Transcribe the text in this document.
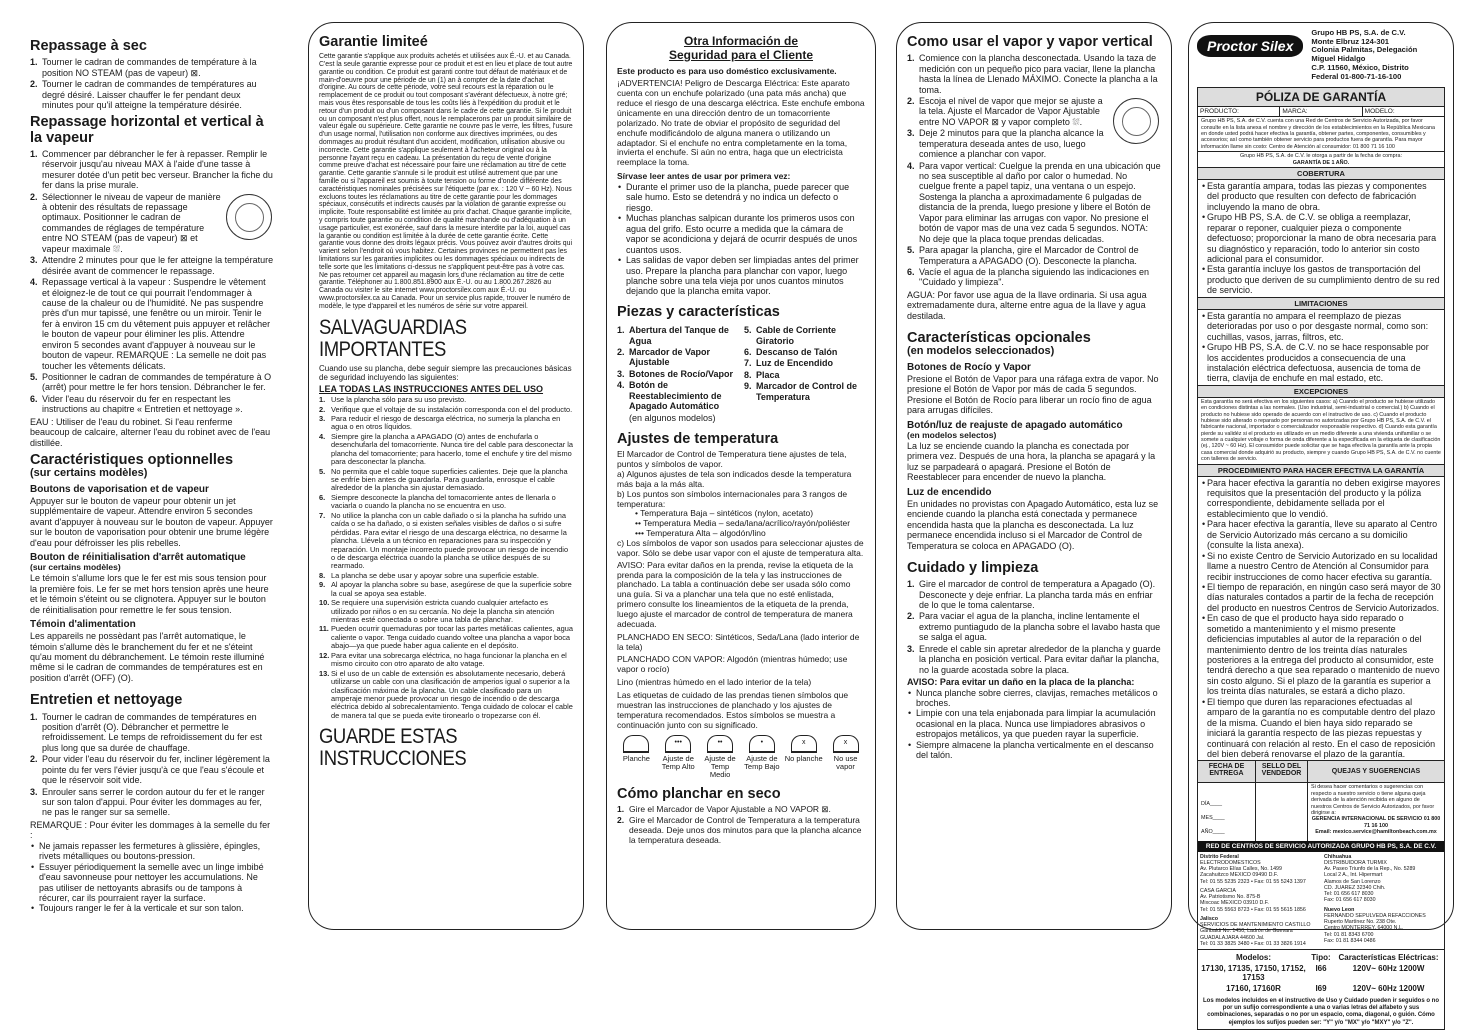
Repassage à sec
1. Tourner le cadran de commandes de température à la position NO STEAM (pas de vapeur) ⊠.
2. Tourner le cadran de commandes de températures au degré désiré. Laisser chauffer le fer pendant deux minutes pour qu'il atteigne la température désirée.
Repassage horizontal et vertical à la vapeur
1. Commencer par débrancher le fer à repasser. Remplir le réservoir jusqu'au niveau MAX à l'aide d'une tasse à mesurer dotée d'un petit bec verseur. Brancher la fiche du fer dans la prise murale.
2. Sélectionner le niveau de vapeur de manière à obtenir des résultats de repassage optimaux. Positionner le cadran de commandes de réglages de température entre NO STEAM (pas de vapeur) ⊠ et vapeur maximale ⛆.
3. Attendre 2 minutes pour que le fer atteigne la température désirée avant de commencer le repassage.
4. Repassage vertical à la vapeur : Suspendre le vêtement et éloignez-le de tout ce qui pourrait l'endommager à cause de la chaleur ou de l'humidité. Ne pas suspendre près d'un mur tapissé, une fenêtre ou un miroir. Tenir le fer à environ 15 cm du vêtement puis appuyer et relâcher le bouton de vapeur pour éliminer les plis. Attendre environ 5 secondes avant d'appuyer à nouveau sur le bouton de vapeur. REMARQUE : La semelle ne doit pas toucher les vêtements délicats.
5. Positionner le cadran de commandes de température à O (arrêt) pour mettre le fer hors tension. Débrancher le fer.
6. Vider l'eau du réservoir du fer en respectant les instructions au chapitre « Entretien et nettoyage ».

EAU : Utiliser de l'eau du robinet. Si l'eau renferme beaucoup de calcaire, alterner l'eau du robinet avec de l'eau distillée.

Caractéristiques optionnelles
(sur certains modèles)
Boutons de vaporisation et de vapeur

Appuyer sur le bouton de vapeur pour obtenir un jet supplémentaire de vapeur. Attendre environ 5 secondes avant d'appuyer à nouveau sur le bouton de vapeur. Appuyer sur le bouton de vaporisation pour obtenir une brume légère d'eau pour défroisser les plis rebelles.

Bouton de réinitialisation d'arrêt automatique
(sur certains modèles)

Le témoin s'allume lors que le fer est mis sous tension pour la première fois. Le fer se met hors tension après une heure et le témoin s'éteint ou se clignotera. Appuyer sur le bouton de réinitialisation pour remettre le fer sous tension.

Témoin d'alimentation

Les appareils ne possèdant pas l'arrêt automatique, le témoin s'allume dès le branchement du fer et ne s'éteint qu'au moment du débranchement. Le témoin reste illuminé même si le cadran de commandes de températures est en position d'arrêt (OFF) (O).

Entretien et nettoyage
1. Tourner le cadran de commandes de températures en position d'arrêt (O). Débrancher et permettre le refroidissement. Le temps de refroidissement du fer est plus long que sa durée de chauffage.
2. Pour vider l'eau du réservoir du fer, incliner légèrement la pointe du fer vers l'évier jusqu'à ce que l'eau s'écoule et que le réservoir soit vide.
3. Enrouler sans serrer le cordon autour du fer et le ranger sur son talon d'appui. Pour éviter les dommages au fer, ne pas le ranger sur sa semelle.

REMARQUE : Pour éviter les dommages à la semelle du fer :

• Ne jamais repasser les fermetures à glissière, épingles, rivets métalliques ou boutons-pression.
• Essuyer périodiquement la semelle avec un linge imbibé d'eau savonneuse pour nettoyer les accumulations. Ne pas utiliser de nettoyants abrasifs ou de tampons à récurer, car ils pourraient rayer la surface.
• Toujours ranger le fer à la verticale et sur son talon.
Garantie limiteé

Cette garantie s'applique aux produits achetés et utilisées aux É.-U. et au Canada. C'est la seule garantie expresse pour ce produit et est en lieu et place de tout autre garantie ou condition. Ce produit est garanti contre tout défaut de matériaux et de main-d'oeuvre pour une période de un (1) an à compter de la date d'achat d'origine. Au cours de cette période, votre seul recours est la réparation ou le remplacement de ce produit ou tout composant s'avérant défectueux, à notre gré; mais vous êtes responsable de tous les coûts liés à l'expédition du produit et le retour d'un produit ou d'un composant dans le cadre de cette garantie. Si le produit ou un composant n'est plus offert, nous le remplacerons par un produit similaire de valeur égale ou supérieure. Cette garantie ne couvre pas le verre, les filtres, l'usure d'un usage normal, l'utilisation non conforme aux directives imprimées, ou des dommages au produit résultant d'un accident, modification, utilisation abusive ou incorrecte. Cette garantie s'applique seulement à l'acheteur original ou à la personne l'ayant reçu en cadeau. La présentation du reçu de vente d'origine comme preuve d'achat est nécessaire pour faire une réclamation au titre de cette garantie. Cette garantie s'annule si le produit est utilisé autrement que par une famille ou si l'appareil est soumis à toute tension ou forme d'onde différente des caractéristiques nominales précisées sur l'étiquette (par ex. : 120 V ~ 60 Hz). Nous excluons toutes les réclamations au titre de cette garantie pour les dommages spéciaux, consécutifs et indirects causés par la violation de garantie expresse ou implicite. Toute responsabilité est limitée au prix d'achat. Chaque garantie implicite, y compris toute garantie ou condition de qualité marchande ou d'adéquation à un usage particulier, est exonérée, sauf dans la mesure interdite par la loi, auquel cas la garantie ou condition est limitée à la durée de cette garantie écrite. Cette garantie vous donne des droits légaux précis. Vous pouvez avoir d'autres droits qui varient selon l'endroit où vous habitez. Certaines provinces ne permettent pas les limitations sur les garanties implicites ou les dommages spéciaux ou indirects de telle sorte que les limitations ci-dessus ne s'appliquent peut-être pas à votre cas. Ne pas retourner cet appareil au magasin lors d'une réclamation au titre de cette garantie. Téléphoner au 1.800.851.8900 aux É.-U. ou au 1.800.267.2826 au Canada ou visiter le site internet www.proctorsilex.com aux É.-U. ou www.proctorsilex.ca au Canada. Pour un service plus rapide, trouver le numéro de modèle, le type d'appareil et les numéros de série sur votre appareil.

SALVAGUARDIAS IMPORTANTES

Cuando use su plancha, debe seguir siempre las precauciones básicas de seguridad incluyendo las siguientes:

LEA TODAS LAS INSTRUCCIONES ANTES DEL USO

1. Use la plancha sólo para su uso previsto.
2. Verifique que el voltaje de su instalación corresponda con el del producto.
3. Para reducir el riesgo de descarga eléctrica, no sumerja la plancha en agua o en otros líquidos.
4. Siempre gire la plancha a APAGADO (O) antes de enchufarla o desenchufarla del tomacorriente. Nunca tire del cable para desconectar la plancha del tomacorriente; para hacerlo, tome el enchufe y tire del mismo para desconectar la plancha.
5. No permita que el cable toque superficies calientes. Deje que la plancha se enfríe bien antes de guardarla. Para guardarla, enrosque el cable alrededor de la plancha sin ajustar demasiado.
6. Siempre desconecte la plancha del tomacorriente antes de llenarla o vaciarla o cuando la plancha no se encuentra en uso.
7. No utilice la plancha con un cable dañado o si la plancha ha sufrido una caída o se ha dañado, o si existen señales visibles de daños o si sufre pérdidas. Para evitar el riesgo de una descarga eléctrica, no desarme la plancha. Llévela a un técnico en reparaciones para su inspección y reparación. Un montaje incorrecto puede provocar un riesgo de incendio o de descarga eléctrica cuando la plancha se utilice después de su rearmado.
8. La plancha se debe usar y apoyar sobre una superficie estable.
9. Al apoyar la plancha sobre su base, asegúrese de que la superficie sobre la cual se apoya sea estable.
10. Se requiere una supervisión estricta cuando cualquier artefacto es utilizado por niños o en su cercanía. No deje la plancha sin atención mientras esté conectada o sobre una tabla de planchar.
11. Pueden ocurrir quemaduras por tocar las partes metálicas calientes, agua caliente o vapor. Tenga cuidado cuando voltee una plancha a vapor boca abajo—ya que puede haber agua caliente en el depósito.
12. Para evitar una sobrecarga eléctrica, no haga funcionar la plancha en el mismo circuito con otro aparato de alto vatage.
13. Si el uso de un cable de extensión es absolutamente necesario, deberá utilizarse un cable con una clasificación de amperios igual o superior a la clasificación máxima de la plancha. Un cable clasificado para un amperaje menor puede provocar un riesgo de incendio o de descarga eléctrica debido al sobrecalentamiento. Tenga cuidado de colocar el cable de manera tal que se pueda evite tironearlo o tropezarse con él.
GUARDE ESTAS INSTRUCCIONES
Otra Información de
Seguridad para el Cliente

Este producto es para uso doméstico exclusivamente.

¡ADVERTENCIA! Peligro de Descarga Eléctrica: Este aparato cuenta con un enchufe polarizado (una pata más ancha) que reduce el riesgo de una descarga eléctrica. Este enchufe embona únicamente en una dirección dentro de un tomacorriente polarizado. No trate de obviar el propósito de seguridad del enchufe modificándolo de alguna manera o utilizando un adaptador. Si el enchufe no entra completamente en la toma, invierta el enchufe. Si aún no entra, haga que un electricista reemplace la toma.

Sírvase leer antes de usar por primera vez:

• Durante el primer uso de la plancha, puede parecer que sale humo. Esto se detendrá y no indica un defecto o riesgo.
• Muchas planchas salpican durante los primeros usos con agua del grifo. Esto ocurre a medida que la cámara de vapor se acondiciona y dejará de ocurrir después de unos cuantos usos.
• Las salidas de vapor deben ser limpiadas antes del primer uso. Prepare la plancha para planchar con vapor, luego planche sobre una tela vieja por unos cuantos minutos dejando que la plancha emita vapor.
Piezas y características
1. Abertura del Tanque de Agua
2. Marcador de Vapor Ajustable
3. Botones de Rocío/Vapor
4. Botón de Reestablecimiento de Apagado Automático
(en algunos modelos)
5. Cable de Corriente Giratorio
6. Descanso de Talón
7. Luz de Encendido
8. Placa
9. Marcador de Control de Temperatura
Ajustes de temperatura

El Marcador de Control de Temperatura tiene ajustes de tela, puntos y símbolos de vapor.

a) Algunos ajustes de tela son indicados desde la temperatura más baja a la más alta.

b) Los puntos son símbolos internacionales para 3 rangos de temperatura:

• Temperatura Baja – sintéticos (nylon, acetato)

•• Temperatura Media – seda/lana/acrílico/rayón/poliéster

••• Temperatura Alta – algodón/lino

c) Los símbolos de vapor son usados para seleccionar ajustes de vapor. Sólo se debe usar vapor con el ajuste de temperatura alta.

AVISO: Para evitar daños en la prenda, revise la etiqueta de la prenda para la composición de la tela y las instrucciones de planchado. La tabla a continuación debe ser usada sólo como una guía. Si va a planchar una tela que no esté enlistada, primero consulte los lineamientos de la etiqueta de la prenda, luego ajuste el marcador de control de temperatura de manera adecuada.

PLANCHADO EN SECO: Sintéticos, Seda/Lana (lado interior de la tela)

PLANCHADO CON VAPOR: Algodón (mientras húmedo; use vapor o rocío)

Lino (mientras húmedo en el lado interior de la tela)

Las etiquetas de cuidado de las prendas tienen símbolos que muestran las instrucciones de planchado y los ajustes de temperatura recomendados. Estos símbolos se muestra a continuación junto con su significado.

Planche
•••
Ajuste de Temp Alto
••
Ajuste de Temp Medio
•
Ajuste de Temp Bajo
x
No planche
x
No use vapor
Cómo planchar en seco
1. Gire el Marcador de Vapor Ajustable a NO VAPOR ⊠.
2. Gire el Marcador de Control de Temperatura a la temperatura deseada. Deje unos dos minutos para que la plancha alcance la temperatura deseada.
Como usar el vapor y vapor vertical
1. Comience con la plancha desconectada. Usando la taza de medición con un pequeño pico para vaciar, llene la plancha hasta la línea de Llenado MÁXIMO. Conecte la plancha a la toma.
2. Escoja el nivel de vapor que mejor se ajuste a la tela. Ajuste el Marcador de Vapor Ajustable entre NO VAPOR ⊠ y vapor completo ⛆.
3. Deje 2 minutos para que la plancha alcance la temperatura deseada antes de uso, luego comience a planchar con vapor.
4. Para vapor vertical: Cuelgue la prenda en una ubicación que no sea susceptible al daño por calor o humedad. No cuelgue frente a papel tapiz, una ventana o un espejo. Sostenga la plancha a aproximadamente 6 pulgadas de distancia de la prenda, luego presione y libere el Botón de Vapor para eliminar las arrugas con vapor. No presione el botón de vapor mas de una vez cada 5 segundos. NOTA: No deje que la placa toque prendas delicadas.
5. Para apagar la plancha, gire el Marcador de Control de Temperatura a APAGADO (O). Desconecte la plancha.
6. Vacíe el agua de la plancha siguiendo las indicaciones en "Cuidado y limpieza".

AGUA: Por favor use agua de la llave ordinaria. Si usa agua extremadamente dura, alterne entre agua de la llave y agua destilada.

Características opcionales
(en modelos seleccionados)
Botones de Rocío y Vapor

Presione el Botón de Vapor para una ráfaga extra de vapor. No presione el Botón de Vapor por más de cada 5 segundos. Presione el Botón de Rocío para liberar un rocío fino de agua para arrugas difíciles.

Botón/luz de reajuste de apagado automático
(en modelos selectos)

La luz se enciende cuando la plancha es conectada por primera vez. Después de una hora, la plancha se apagará y la luz se parpadeará o apagará. Presione el Botón de Reestablecer para encender de nuevo la plancha.

Luz de encendido

En unidades no provistas con Apagado Automático, esta luz se enciende cuando la plancha está conectada y permanece encendida hasta que la plancha es desconectada. La luz permanece encendida incluso si el Marcador de Control de Temperatura se coloca en APAGADO (O).

Cuidado y limpieza
1. Gire el marcador de control de temperatura a Apagado (O). Desconecte y deje enfriar. La plancha tarda más en enfriar de lo que le toma calentarse.
2. Para vaciar el agua de la plancha, incline lentamente el extremo puntiagudo de la plancha sobre el lavabo hasta que se salga el agua.
3. Enrede el cable sin apretar alrededor de la plancha y guarde la plancha en posición vertical. Para evitar dañar la plancha, no la guarde acostada sobre la placa.

AVISO: Para evitar un daño en la placa de la plancha:

• Nunca planche sobre cierres, clavijas, remaches metálicos o broches.
• Limpie con una tela enjabonada para limpiar la acumulación ocasional en la placa. Nunca use limpiadores abrasivos o estropajos metálicos, ya que pueden rayar la superficie.
• Siempre almacene la plancha verticalmente en el descanso del talón.
Proctor Silex
Grupo HB PS, S.A. de C.V.
Monte Elbruz 124-301
Colonia Palmitas, Delegación
Miguel Hidalgo
C.P. 11560, México, Distrito
Federal 01-800-71-16-100
PÓLIZA DE GARANTÍA
PRODUCTO:	MARCA:	MODELO:
Grupo HB PS, S.A. de C.V. cuenta con una Red de Centros de Servicio Autorizada, por favor consulte en la lista anexa el nombre y dirección de los establecimientos en la República Mexicana en donde usted podrá hacer efectiva la garantía, obtener partes, componentes, consumibles y accesorios; así como también obtener servicio para productos fuera de garantía. Para mayor información llame sin costo: Centro de Atención al consumidor: 01 800 71 16 100
Grupo HB PS, S.A. de C.V. le otorga a partir de la fecha de compra:
GARANTÍA DE 1 AÑO.
COBERTURA
• Esta garantía ampara, todas las piezas y componentes del producto que resulten con defecto de fabricación incluyendo la mano de obra.
• Grupo HB PS, S.A. de C.V. se obliga a reemplazar, reparar o reponer, cualquier pieza o componente defectuoso; proporcionar la mano de obra necesaria para su diagnóstico y reparación, todo lo anterior sin costo adicional para el consumidor.
• Esta garantía incluye los gastos de transportación del producto que deriven de su cumplimiento dentro de su red de servicio.
LIMITACIONES
• Esta garantía no ampara el reemplazo de piezas deterioradas por uso o por desgaste normal, como son: cuchillas, vasos, jarras, filtros, etc.
• Grupo HB PS, S.A. de C.V. no se hace responsable por los accidentes producidos a consecuencia de una instalación eléctrica defectuosa, ausencia de toma de tierra, clavija de enchufe en mal estado, etc.
EXCEPCIONES
Esta garantía no será efectiva en los siguientes casos: a) Cuando el producto se hubiese utilizado en condiciones distintas a las normales. (Uso industrial, semi-industrial o comercial.) b) Cuando el producto no hubiese sido operado de acuerdo con el instructivo de uso. c) Cuando el producto hubiese sido alterado o reparado por personas no autorizadas por Grupo HB PS, S.A. de C.V. el fabricante nacional, importador o comercializador responsable respectivo. d) Cuando esta garantía pierde su validéz si el producto es utilizado en un medio diferente a una vivienda unifamiliar o se somete a cualquier voltaje o forma de onda diferente a la especificada en la etiqueta de clasificación (ej., 120V ~ 60 Hz). El consumidor puede solicitar que se haga efectiva la garantía ante la propia casa comercial donde adquirió su producto, siempre y cuando Grupo HB PS, S.A. de C.V. no cuente con talleres de servicio.
PROCEDIMIENTO PARA HACER EFECTIVA LA GARANTÍA
• Para hacer efectiva la garantía no deben exigirse mayores requisitos que la presentación del producto y la póliza correspondiente, debidamente sellada por el establecimiento que lo vendió.
• Para hacer efectiva la garantía, lleve su aparato al Centro de Servicio Autorizado más cercano a su domicilio (consulte la lista anexa).
• Si no existe Centro de Servicio Autorizado en su localidad llame a nuestro Centro de Atención al Consumidor para recibir instrucciones de como hacer efectiva su garantía.
• El tiempo de reparación, en ningún caso será mayor de 30 días naturales contados a partir de la fecha de recepción del producto en nuestros Centros de Servicio Autorizados.
• En caso de que el producto haya sido reparado o sometido a mantenimiento y el mismo presente deficiencias imputables al autor de la reparación o del mantenimiento dentro de los treinta días naturales posteriores a la entrega del producto al consumidor, este tendrá derecho a que sea reparado o mantenido de nuevo sin costo alguno. Si el plazo de la garantía es superior a los treinta días naturales, se estará a dicho plazo.
• El tiempo que duren las reparaciones efectuadas al amparo de la garantía no es computable dentro del plazo de la misma. Cuando el bien haya sido reparado se iniciará la garantía respecto de las piezas repuestas y continuará con relación al resto. En el caso de reposición del bien deberá renovarse el plazo de la garantía.
FECHA DE ENTREGA
DÍA____
MES____
AÑO____
SELLO DEL VENDEDOR	QUEJAS Y SUGERENCIAS
Si desea hacer comentarios o sugerencias con respecto a nuestro servicio o tiene alguna queja derivada de la atención recibida en alguno de nuestros Centros de Servicio Autorizados, por favor dirigirse a:
GERENCIA INTERNACIONAL DE SERVICIO 01 800 71 16 100
Email: mexico.service@hamiltonbeach.com.mx
RED DE CENTROS DE SERVICIO AUTORIZADA GRUPO HB PS, S.A. DE C.V.
Distrito Federal
ELECTRODOMESTICOS
Av. Plutarco Elías Calles, No. 1499
Zacahuitzco MEXICO 09490 D.F.
Tel: 01 55 5235 2323 • Fax: 01 55 5243 1397
CASA GARCIA
Av. Patriotismo No. 875-B
Mixcoac MEXICO 03910 D.F.
Tel: 01 55 5563 8723 • Fax: 01 55 5615 1856
Jalisco
SERVICIOS DE MANTENIMIENTO CASTILLO
Garibaldi No. 1450, Ladrón de Guevara
GUADALAJARA 44600 Jal.
Tel: 01 33 3825 3480 • Fax: 01 33 3826 1914
Chihuahua
DISTRIBUIDORA TURMIX
Av. Paseo Triunfo de la Rep., No. 5289
Local 2 A., Int. Hipermart
Alamos de San Lorenzo
CD. JUAREZ 32340 Chih.
Tel: 01 656 617 8030
Fax: 01 656 617 8030
Nuevo Leon
FERNANDO SEPULVEDA REFACCIONES
Ruperto Martínez No. 238 Ote.
Centro MONTERREY, 64000 N.L.
Tel: 01 81 8343 6700
Fax: 01 81 8344 0486
Modelos:	Tipo: Características Eléctricas:
17130, 17135, 17150, 17152, 17153
I66	120V~ 60Hz 1200W
17160, 17160R	I69	120V~ 60Hz 1200W
Los modelos incluidos en el instructivo de Uso y Cuidado pueden ir seguidos o no por un sufijo correspondiente a una o varias letras del alfabeto y sus combinaciones, separadas o no por un espacio, coma, diagonal, o guión. Cómo ejemplos los sufijos pueden ser: "Y" y/o "MX" y/o "MXY" y/o "Z".
